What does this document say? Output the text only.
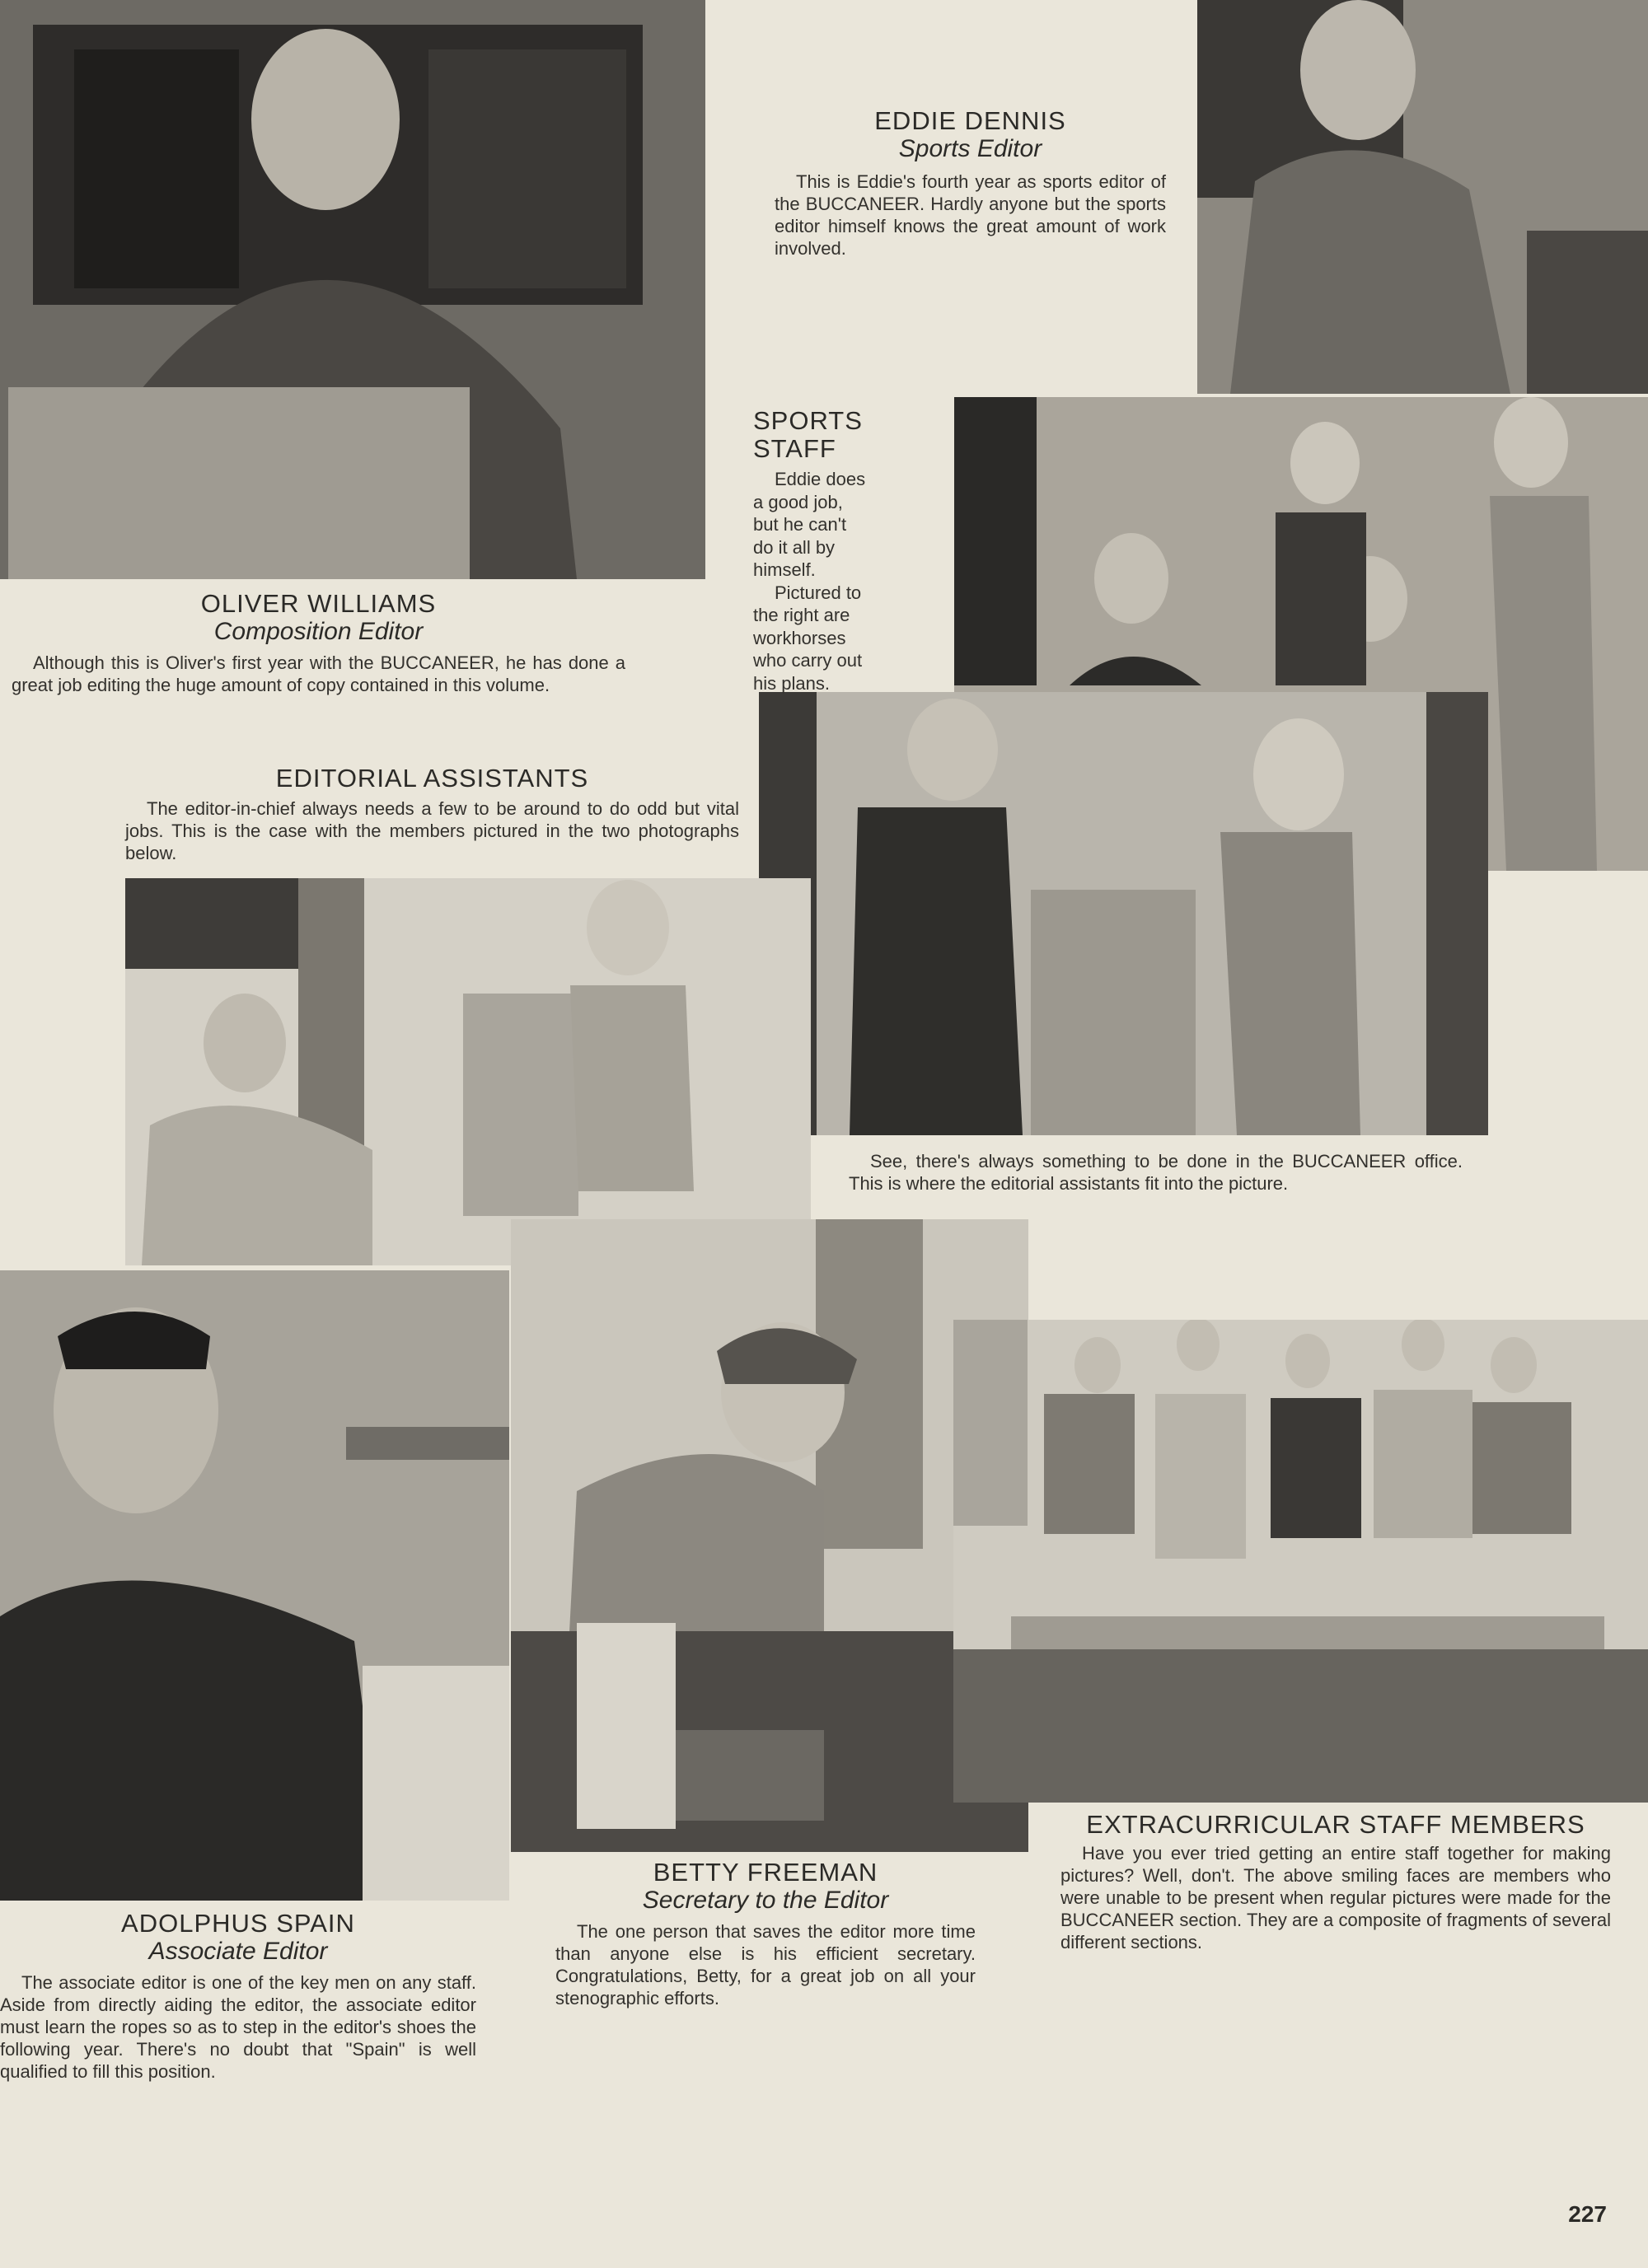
EDDIE DENNIS
Sports Editor
This is Eddie's fourth year as sports editor of the BUCCANEER. Hardly anyone but the sports editor himself knows the great amount of work involved.
SPORTS STAFF
Eddie does
a good job,
but he can't
do it all by
himself.
Pictured to
the right are
workhorses
who carry out
his plans.
OLIVER WILLIAMS
Composition Editor
Although this is Oliver's first year with the BUCCANEER, he has done a great job editing the huge amount of copy contained in this volume.
EDITORIAL ASSISTANTS
The editor-in-chief always needs a few to be around to do odd but vital jobs. This is the case with the members pictured in the two photographs below.
See, there's always something to be done in the BUCCANEER office. This is where the editorial assistants fit into the picture.
ADOLPHUS SPAIN
Associate Editor
The associate editor is one of the key men on any staff. Aside from directly aiding the editor, the associate editor must learn the ropes so as to step in the editor's shoes the following year. There's no doubt that "Spain" is well qualified to fill this position.
BETTY FREEMAN
Secretary to the Editor
The one person that saves the editor more time than anyone else is his efficient secretary. Congratulations, Betty, for a great job on all your stenographic efforts.
EXTRACURRICULAR STAFF MEMBERS
Have you ever tried getting an entire staff together for making pictures? Well, don't. The above smiling faces are members who were unable to be present when regular pictures were made for the BUCCANEER section. They are a composite of fragments of several different sections.
227
